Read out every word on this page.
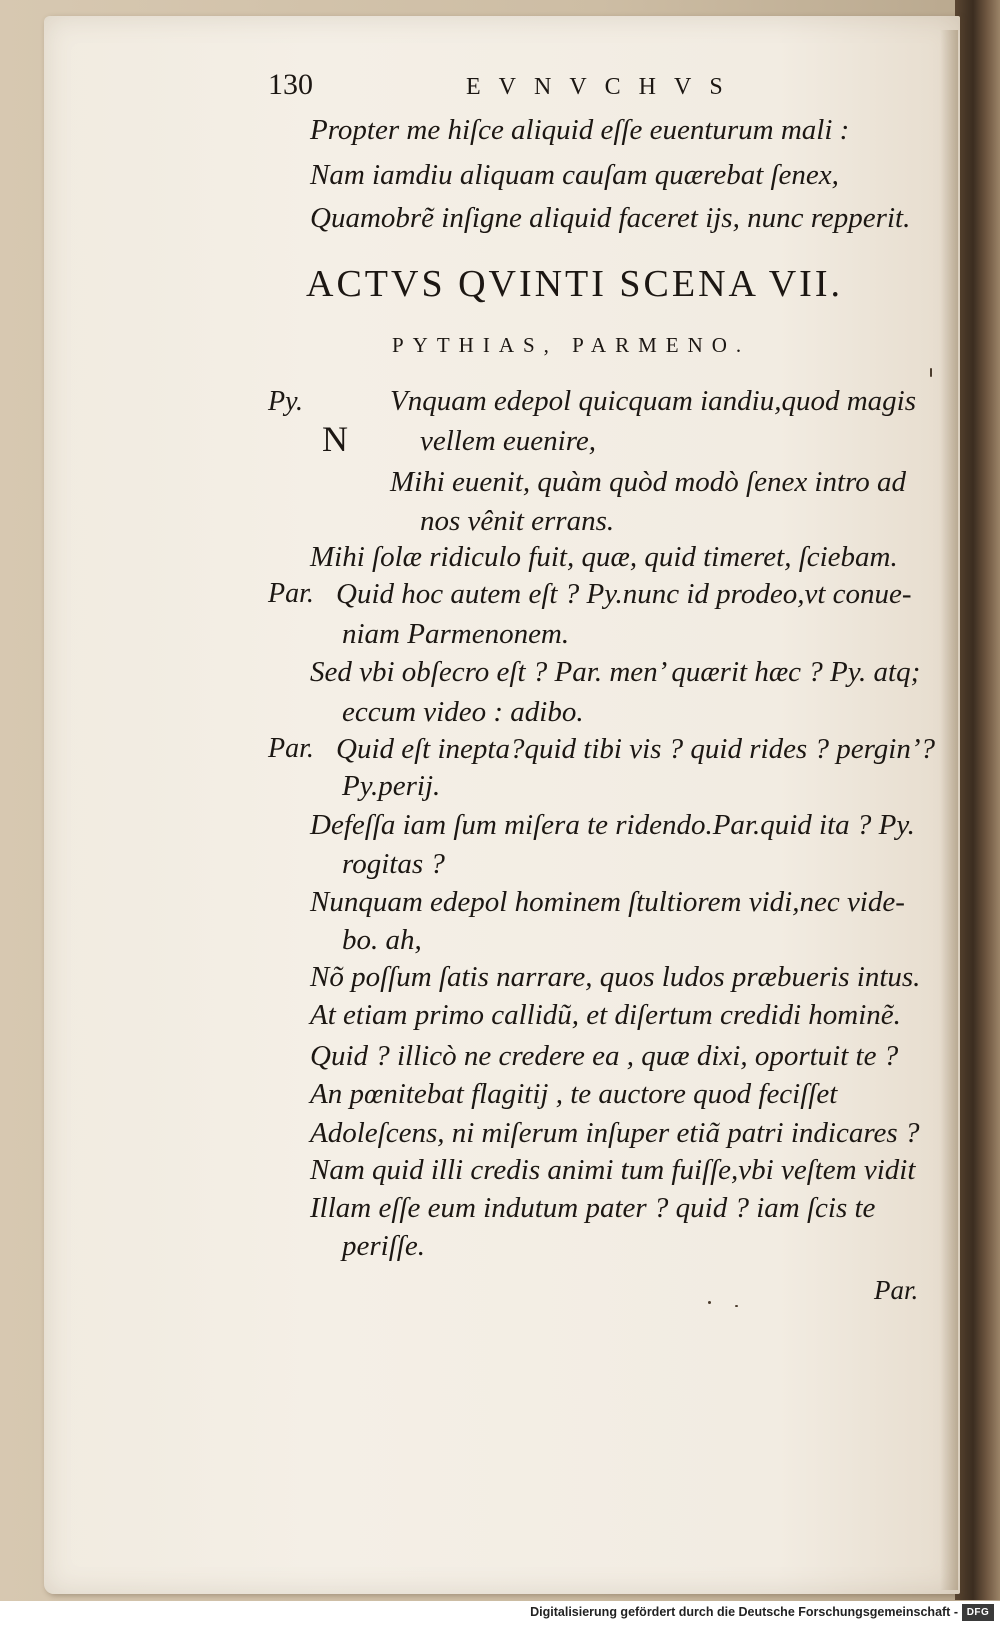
130	EVNVCHVS
Propter me hiſce aliquid eſſe euenturum mali :
Nam iamdiu aliquam cauſam quærebat ſenex,
Quamobrẽ inſigne aliquid faceret ijs, nunc repperit.
ACTVS QVINTI SCENA VII.
PYTHIAS, PARMENO.
N
Py.	Vnquam edepol quicquam iandiu,quod magis
vellem euenire,
Mihi euenit, quàm quòd modò ſenex intro ad
nos vênit errans.
Mihi ſolæ ridiculo fuit, quæ, quid timeret, ſciebam.
Par. Quid hoc autem eſt ? Py.nunc id prodeo,vt conue-
niam Parmenonem.
Sed vbi obſecro eſt ? Par. men’ quærit hæc ? Py. atq;
eccum video : adibo.
Par. Quid eſt inepta?quid tibi vis ? quid rides ? pergin’?
Py.perij.
Defeſſa iam ſum miſera te ridendo.Par.quid ita ? Py.
rogitas ?
Nunquam edepol hominem ſtultiorem vidi,nec vide-
bo. ah,
Nõ poſſum ſatis narrare, quos ludos præbueris intus.
At etiam primo callidũ, et diſertum credidi hominẽ.
Quid ? illicò ne credere ea , quæ dixi, oportuit te ?
An pœnitebat flagitij , te auctore quod feciſſet
Adoleſcens, ni miſerum inſuper etiã patri indicares ?
Nam quid illi credis animi tum fuiſſe,vbi veſtem vidit
Illam eſſe eum indutum pater ? quid ? iam ſcis te
periſſe.
Par.
Digitalisierung gefördert durch die Deutsche Forschungsgemeinschaft - DFG
